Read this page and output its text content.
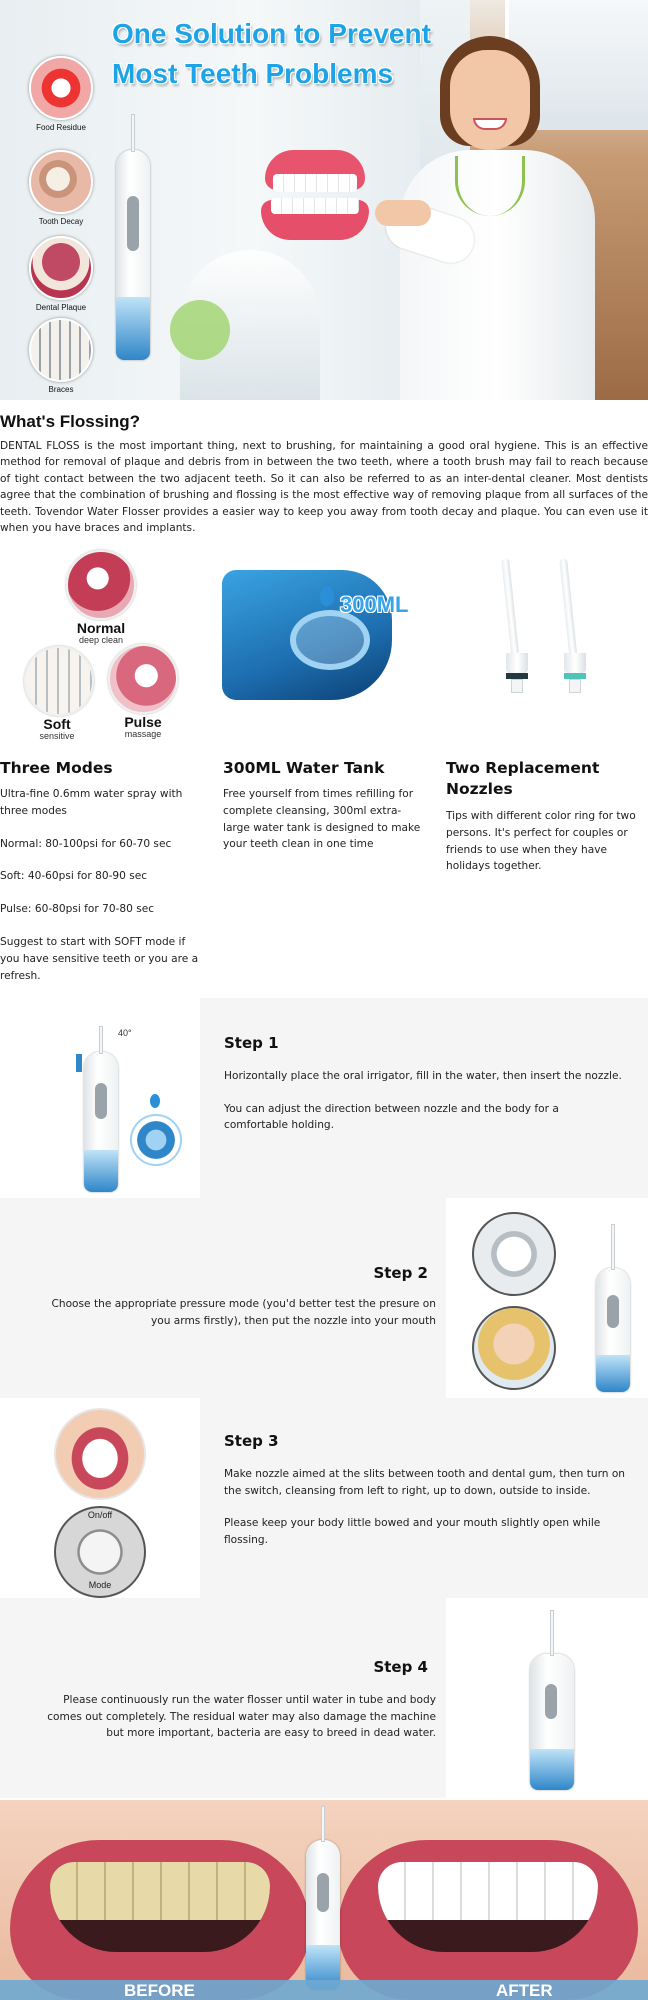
One Solution to Prevent
Most Teeth Problems
Food Residue
Tooth Decay
Dental Plaque
Braces
What's Flossing?

DENTAL FLOSS is the most important thing, next to brushing, for maintaining a good oral hygiene. This is an effective method for removal of plaque and debris from in between the two teeth, where a tooth brush may fail to reach because of tight contact between the two adjacent teeth. So it can also be referred to as an inter-dental cleaner. Most dentists agree that the combination of brushing and flossing is the most effective way of removing plaque from all surfaces of the teeth. Tovendor Water Flosser provides a easier way to keep you away from tooth decay and plaque. You can even use it when you have braces and implants.

Normal
deep clean
Soft
sensitive
Pulse
massage
300ML
Three Modes

Ultra-fine 0.6mm water spray with three modes

Normal: 80-100psi for 60-70 sec

Soft: 40-60psi for 80-90 sec

Pulse: 60-80psi for 70-80 sec

Suggest to start with SOFT mode if you have sensitive teeth or you are a refresh.

300ML Water Tank

Free yourself from times refilling for complete cleansing, 300ml extra-large water tank is designed to make your teeth clean in one time

Two Replacement Nozzles

Tips with different color ring for two persons. It's perfect for couples or friends to use when they have holidays together.

40°
Step 1

Horizontally place the oral irrigator, fill in the water, then insert the nozzle.

You can adjust the direction between nozzle and the body for a comfortable holding.

Step 2

Choose the appropriate pressure mode (you'd better test the presure on you arms firstly), then put the nozzle into your mouth

On/off
Mode
Step 3

Make nozzle aimed at the slits between tooth and dental gum, then turn on the switch, cleansing from left to right, up to down, outside to inside.

Please keep your body little bowed and your mouth slightly open while flossing.

Step 4

Please continuously run the water flosser until water in tube and body comes out completely. The residual water may also damage the machine but more important, bacteria are easy to breed in dead water.

BEFORE	AFTER
